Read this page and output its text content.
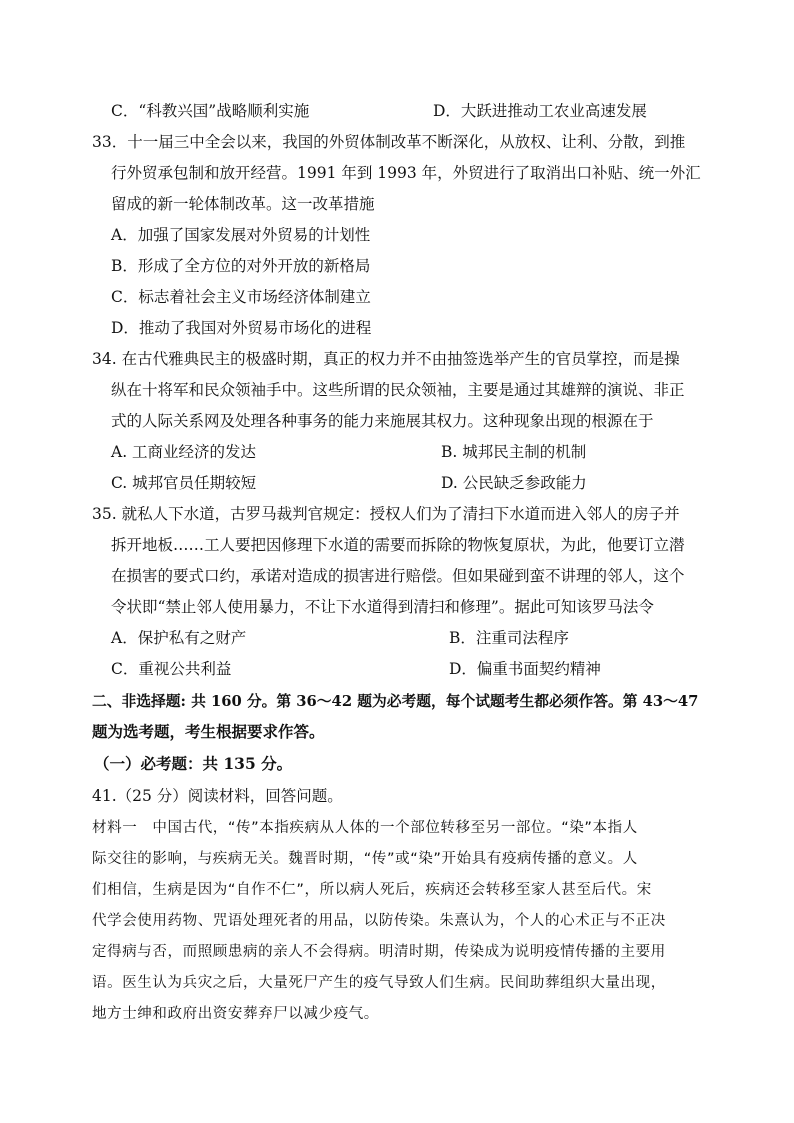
C．“科教兴国”战略顺利实施	D．大跃进推动工农业高速发展
33．十一届三中全会以来，我国的外贸体制改革不断深化，从放权、让利、分散，到推
行外贸承包制和放开经营。1991 年到 1993 年，外贸进行了取消出口补贴、统一外汇
留成的新一轮体制改革。这一改革措施
A．加强了国家发展对外贸易的计划性
B．形成了全方位的对外开放的新格局
C．标志着社会主义市场经济体制建立
D．推动了我国对外贸易市场化的进程
34. 在古代雅典民主的极盛时期，真正的权力并不由抽签选举产生的官员掌控，而是操
纵在十将军和民众领袖手中。这些所谓的民众领袖，主要是通过其雄辩的演说、非正
式的人际关系网及处理各种事务的能力来施展其权力。这种现象出现的根源在于
A. 工商业经济的发达	B. 城邦民主制的机制
C. 城邦官员任期较短	D. 公民缺乏参政能力
35. 就私人下水道，古罗马裁判官规定：授权人们为了清扫下水道而进入邻人的房子并
拆开地板……工人要把因修理下水道的需要而拆除的物恢复原状，为此，他要订立潜
在损害的要式口约，承诺对造成的损害进行赔偿。但如果碰到蛮不讲理的邻人，这个
令状即“禁止邻人使用暴力，不让下水道得到清扫和修理”。据此可知该罗马法令
A．保护私有之财产	B．注重司法程序
C．重视公共利益	D．偏重书面契约精神
二、非选择题: 共 160 分。第 36～42 题为必考题，每个试题考生都必须作答。第 43～47
题为选考题，考生根据要求作答。
（一）必考题：共 135 分。
41.（25 分）阅读材料，回答问题。
材料一　中国古代，“传”本指疾病从人体的一个部位转移至另一部位。“染”本指人
际交往的影响，与疾病无关。魏晋时期，“传”或“染”开始具有疫病传播的意义。人
们相信，生病是因为“自作不仁”，所以病人死后，疾病还会转移至家人甚至后代。宋
代学会使用药物、咒语处理死者的用品，以防传染。朱熹认为，个人的心术正与不正决
定得病与否，而照顾患病的亲人不会得病。明清时期，传染成为说明疫情传播的主要用
语。医生认为兵灾之后，大量死尸产生的疫气导致人们生病。民间助葬组织大量出现，
地方士绅和政府出资安葬弃尸以减少疫气。
